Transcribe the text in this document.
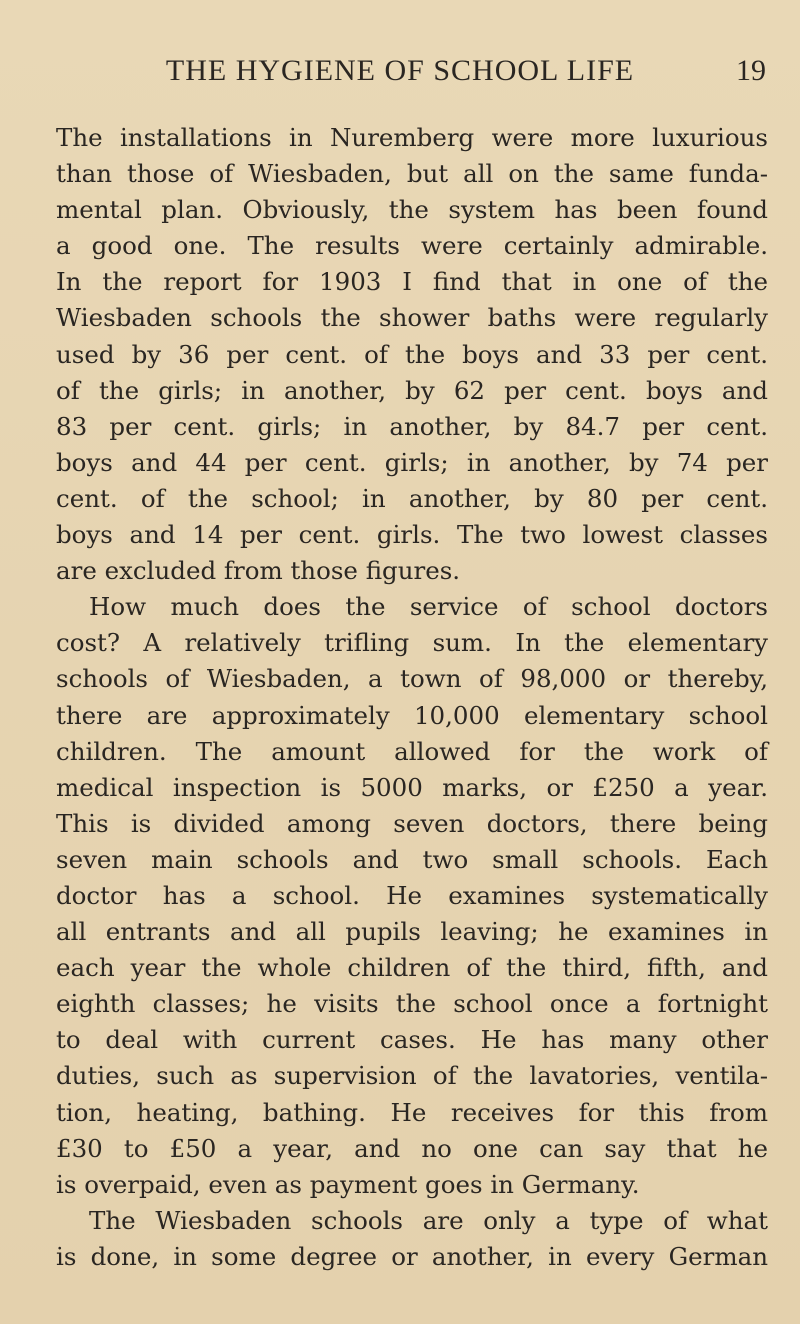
THE HYGIENE OF SCHOOL LIFE	19
The installations in Nuremberg were more luxurious
than those of Wiesbaden, but all on the same funda-
mental plan. Obviously, the system has been found
a good one. The results were certainly admirable.
In the report for 1903 I find that in one of the
Wiesbaden schools the shower baths were regularly
used by 36 per cent. of the boys and 33 per cent.
of the girls; in another, by 62 per cent. boys and
83 per cent. girls; in another, by 84.7 per cent.
boys and 44 per cent. girls; in another, by 74 per
cent. of the school; in another, by 80 per cent.
boys and 14 per cent. girls. The two lowest classes
are excluded from those figures.
How much does the service of school doctors
cost? A relatively trifling sum. In the elementary
schools of Wiesbaden, a town of 98,000 or thereby,
there are approximately 10,000 elementary school
children. The amount allowed for the work of
medical inspection is 5000 marks, or £250 a year.
This is divided among seven doctors, there being
seven main schools and two small schools. Each
doctor has a school. He examines systematically
all entrants and all pupils leaving; he examines in
each year the whole children of the third, fifth, and
eighth classes; he visits the school once a fortnight
to deal with current cases. He has many other
duties, such as supervision of the lavatories, ventila-
tion, heating, bathing. He receives for this from
£30 to £50 a year, and no one can say that he
is overpaid, even as payment goes in Germany.
The Wiesbaden schools are only a type of what
is done, in some degree or another, in every German
